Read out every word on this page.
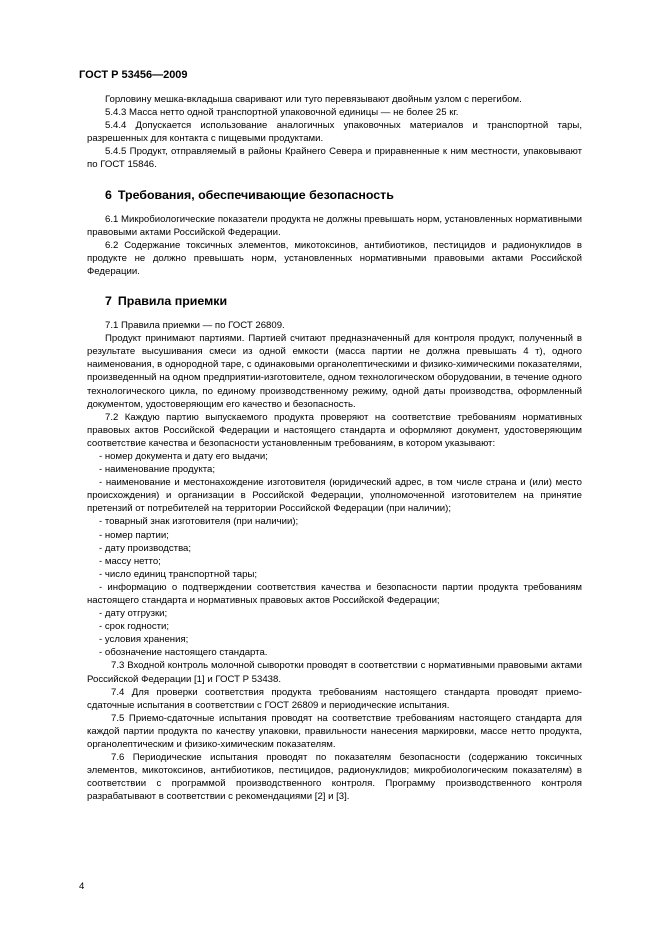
ГОСТ Р 53456—2009

Горловину мешка-вкладыша сваривают или туго перевязывают двойным узлом с перегибом.

5.4.3 Масса нетто одной транспортной упаковочной единицы — не более 25 кг.

5.4.4 Допускается использование аналогичных упаковочных материалов и транспортной тары, разрешенных для контакта с пищевыми продуктами.

5.4.5 Продукт, отправляемый в районы Крайнего Севера и приравненные к ним местности, упаковывают по ГОСТ 15846.

6 Требования, обеспечивающие безопасность

6.1 Микробиологические показатели продукта не должны превышать норм, установленных нормативными правовыми актами Российской Федерации.

6.2 Содержание токсичных элементов, микотоксинов, антибиотиков, пестицидов и радионуклидов в продукте не должно превышать норм, установленных нормативными правовыми актами Российской Федерации.

7 Правила приемки

7.1 Правила приемки — по ГОСТ 26809.

Продукт принимают партиями. Партией считают предназначенный для контроля продукт, полученный в результате высушивания смеси из одной емкости (масса партии не должна превышать 4 т), одного наименования, в однородной таре, с одинаковыми органолептическими и физико-химическими показателями, произведенный на одном предприятии-изготовителе, одном технологическом оборудовании, в течение одного технологического цикла, по единому производственному режиму, одной даты производства, оформленный документом, удостоверяющим его качество и безопасность.

7.2 Каждую партию выпускаемого продукта проверяют на соответствие требованиям нормативных правовых актов Российской Федерации и настоящего стандарта и оформляют документ, удостоверяющим соответствие качества и безопасности установленным требованиям, в котором указывают:

- номер документа и дату его выдачи;

- наименование продукта;

- наименование и местонахождение изготовителя (юридический адрес, в том числе страна и (или) место происхождения) и организации в Российской Федерации, уполномоченной изготовителем на принятие претензий от потребителей на территории Российской Федерации (при наличии);

- товарный знак изготовителя (при наличии);

- номер партии;

- дату производства;

- массу нетто;

- число единиц транспортной тары;

- информацию о подтверждении соответствия качества и безопасности партии продукта требованиям настоящего стандарта и нормативных правовых актов Российской Федерации;

- дату отгрузки;

- срок годности;

- условия хранения;

- обозначение настоящего стандарта.

7.3 Входной контроль молочной сыворотки проводят в соответствии с нормативными правовыми актами Российской Федерации [1] и ГОСТ Р 53438.

7.4 Для проверки соответствия продукта требованиям настоящего стандарта проводят приемо-сдаточные испытания в соответствии с ГОСТ 26809 и периодические испытания.

7.5 Приемо-сдаточные испытания проводят на соответствие требованиям настоящего стандарта для каждой партии продукта по качеству упаковки, правильности нанесения маркировки, массе нетто продукта, органолептическим и физико-химическим показателям.

7.6 Периодические испытания проводят по показателям безопасности (содержанию токсичных элементов, микотоксинов, антибиотиков, пестицидов, радионуклидов; микробиологическим показателям) в соответствии с программой производственного контроля. Программу производственного контроля разрабатывают в соответствии с рекомендациями [2] и [3].

4
